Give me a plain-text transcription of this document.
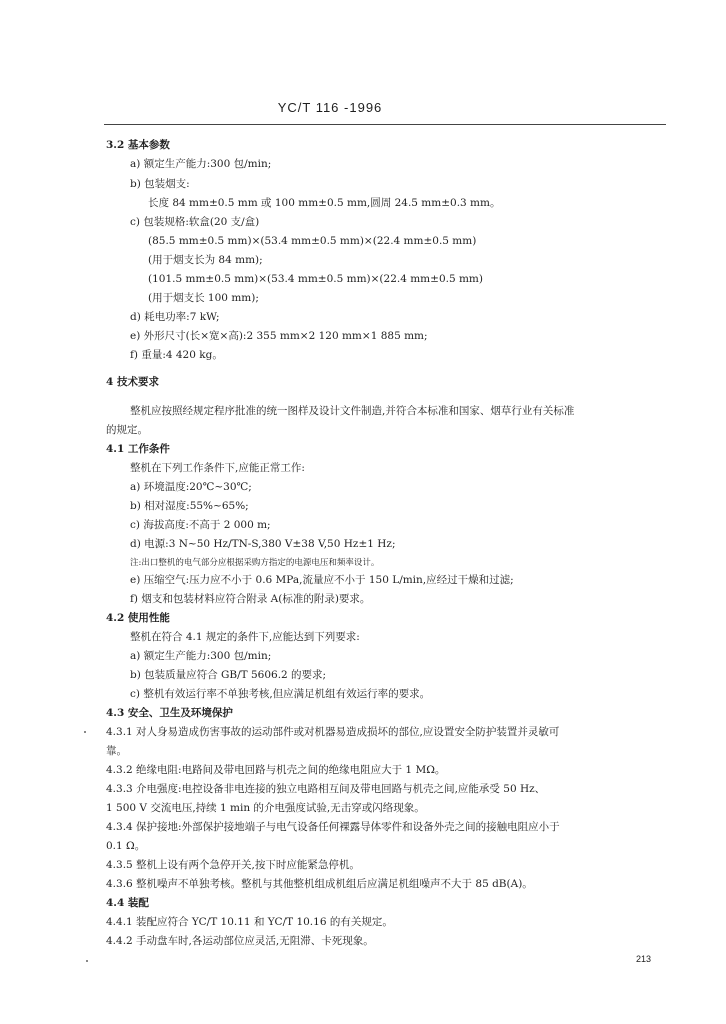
YC/T 116 -1996
3.2 基本参数
a) 额定生产能力:300 包/min;
b) 包装烟支:
长度 84 mm±0.5 mm 或 100 mm±0.5 mm,圆周 24.5 mm±0.3 mm。
c) 包装规格:软盒(20 支/盒)
(85.5 mm±0.5 mm)×(53.4 mm±0.5 mm)×(22.4 mm±0.5 mm)
(用于烟支长为 84 mm);
(101.5 mm±0.5 mm)×(53.4 mm±0.5 mm)×(22.4 mm±0.5 mm)
(用于烟支长 100 mm);
d) 耗电功率:7 kW;
e) 外形尺寸(长×宽×高):2 355 mm×2 120 mm×1 885 mm;
f) 重量:4 420 kg。
4 技术要求
整机应按照经规定程序批准的统一图样及设计文件制造,并符合本标准和国家、烟草行业有关标准
的规定。
4.1 工作条件
整机在下列工作条件下,应能正常工作:
a) 环境温度:20℃~30℃;
b) 相对湿度:55%~65%;
c) 海拔高度:不高于 2 000 m;
d) 电源:3 N~50 Hz/TN-S,380 V±38 V,50 Hz±1 Hz;
注:出口整机的电气部分应根据采购方指定的电源电压和频率设计。
e) 压缩空气:压力应不小于 0.6 MPa,流量应不小于 150 L/min,应经过干燥和过滤;
f) 烟支和包装材料应符合附录 A(标准的附录)要求。
4.2 使用性能
整机在符合 4.1 规定的条件下,应能达到下列要求:
a) 额定生产能力:300 包/min;
b) 包装质量应符合 GB/T 5606.2 的要求;
c) 整机有效运行率不单独考核,但应满足机组有效运行率的要求。
4.3 安全、卫生及环境保护
4.3.1 对人身易造成伤害事故的运动部件或对机器易造成损坏的部位,应设置安全防护装置并灵敏可
靠。
4.3.2 绝缘电阻:电路间及带电回路与机壳之间的绝缘电阻应大于 1 MΩ。
4.3.3 介电强度:电控设备非电连接的独立电路相互间及带电回路与机壳之间,应能承受 50 Hz、
1 500 V 交流电压,持续 1 min 的介电强度试验,无击穿或闪络现象。
4.3.4 保护接地:外部保护接地端子与电气设备任何裸露导体零件和设备外壳之间的接触电阻应小于
0.1 Ω。
4.3.5 整机上设有两个急停开关,按下时应能紧急停机。
4.3.6 整机噪声不单独考核。整机与其他整机组成机组后应满足机组噪声不大于 85 dB(A)。
4.4 装配
4.4.1 装配应符合 YC/T 10.11 和 YC/T 10.16 的有关规定。
4.4.2 手动盘车时,各运动部位应灵活,无阻滞、卡死现象。
213
